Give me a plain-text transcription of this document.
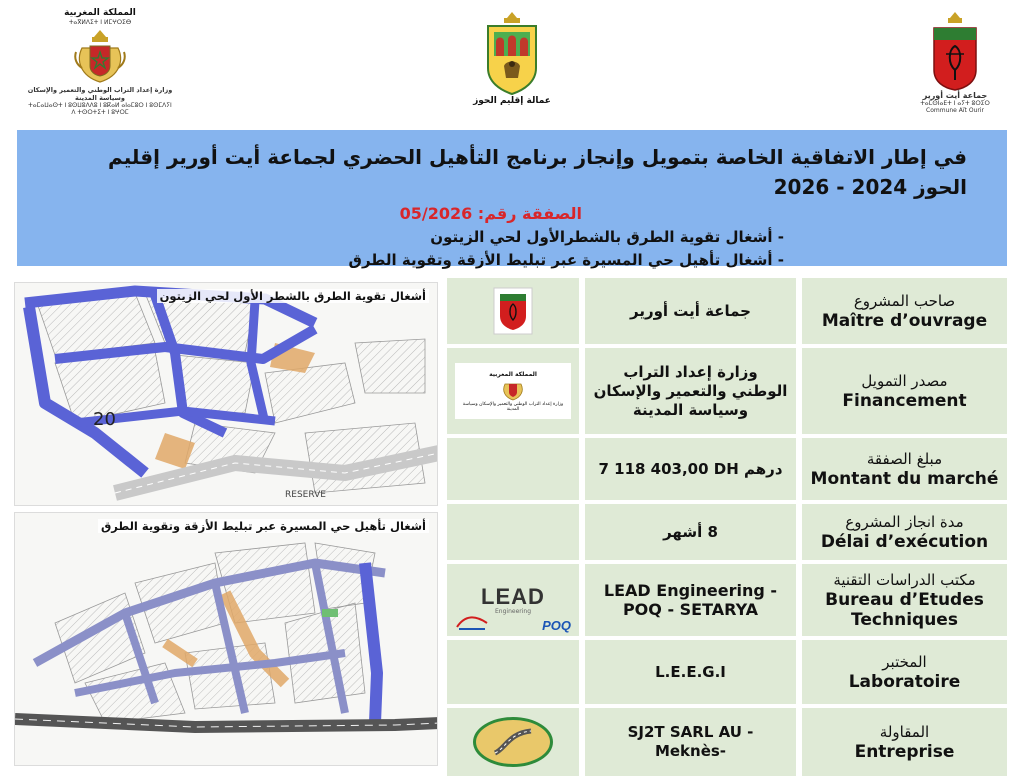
المملكة المغربية
ⵜⴰⴳⵍⴷⵉⵜ ⵏ ⵍⵎⵖⵔⵉⴱ
وزارة إعداد التراب الوطني والتعمير والإسكان وسياسة المدينة
ⵜⴰⵎⴰⵡⴰⵙⵜ ⵏ ⵓⵙⵡⵓⴷⴷⵓ ⵏ ⵓⴽⴰⵍ ⴰⵏⴰⵎⵓⵔ ⵏ ⵓⵙⵎⴷⵢⵏ
ⴷ ⵜⵙⵔⵜⵉⵜ ⵏ ⵓⵖⵔⵎ
عمالة إقليم الحوز
جماعة أيت أورير
ⵜⴰⵎⵙⵏⴰⴹⵜ ⵏ ⴰⵢⵜ ⵓⵔⵉⵔ
Commune Aït Ourir
في إطار الاتفاقية الخاصة بتمويل وإنجاز برنامج التأهيل الحضري لجماعة أيت أورير إقليم الحوز 2024 - 2026
الصفقة رقم: 05/2026
- أشغال تقوية الطرق بالشطرالأول لحي الزيتون
- أشغال تأهيل حي المسيرة عبر تبليط الأزقة وتقوية الطرق
20
RESERVE
أشغال تقوية الطرق بالشطر الأول لحي الزيتون
أشغال تأهيل حي المسيرة عبر تبليط الأزقة وتقوية الطرق
جماعة أيت أورير
صاحب المشروع
Maître d’ouvrage
المملكة المغربية
وزارة إعداد التراب الوطني والتعمير والإسكان وسياسة المدينة
وزارة إعداد التراب الوطني والتعمير والإسكان وسياسة المدينة
مصدر التمويل
Financement
7 118 403,00 DH درهم
مبلغ الصفقة
Montant du marché
8 أشهر
مدة انجاز المشروع
Délai d’exécution
LEAD
Engineering
POQ
LEAD Engineering - POQ - SETARYA
مكتب الدراسات التقنية
Bureau d’Etudes Techniques
L.E.E.G.I
المختبر
Laboratoire
SJ2T SARL AU -Meknès-
المقاولة
Entreprise
